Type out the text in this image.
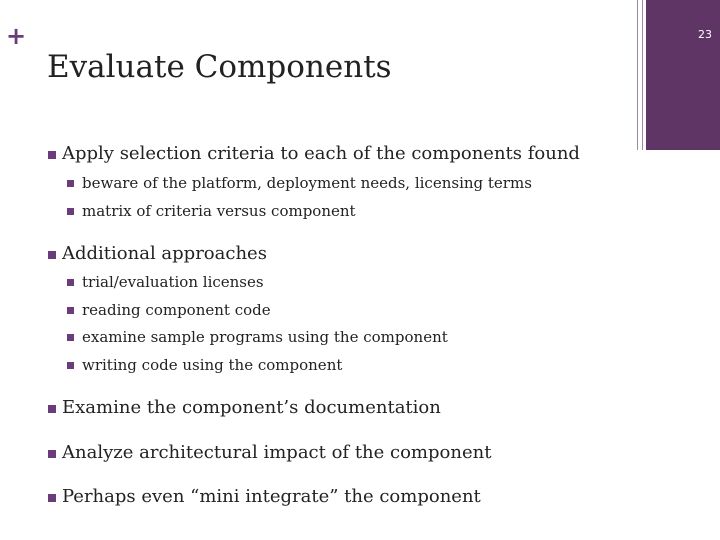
+
Evaluate Components
23
Apply selection criteria to each of the components found
beware of the platform, deployment needs, licensing terms
matrix of criteria versus component
Additional approaches
trial/evaluation licenses
reading component code
examine sample programs using the component
writing code using the component
Examine the component’s documentation
Analyze architectural impact of the component
Perhaps even “mini integrate” the component
